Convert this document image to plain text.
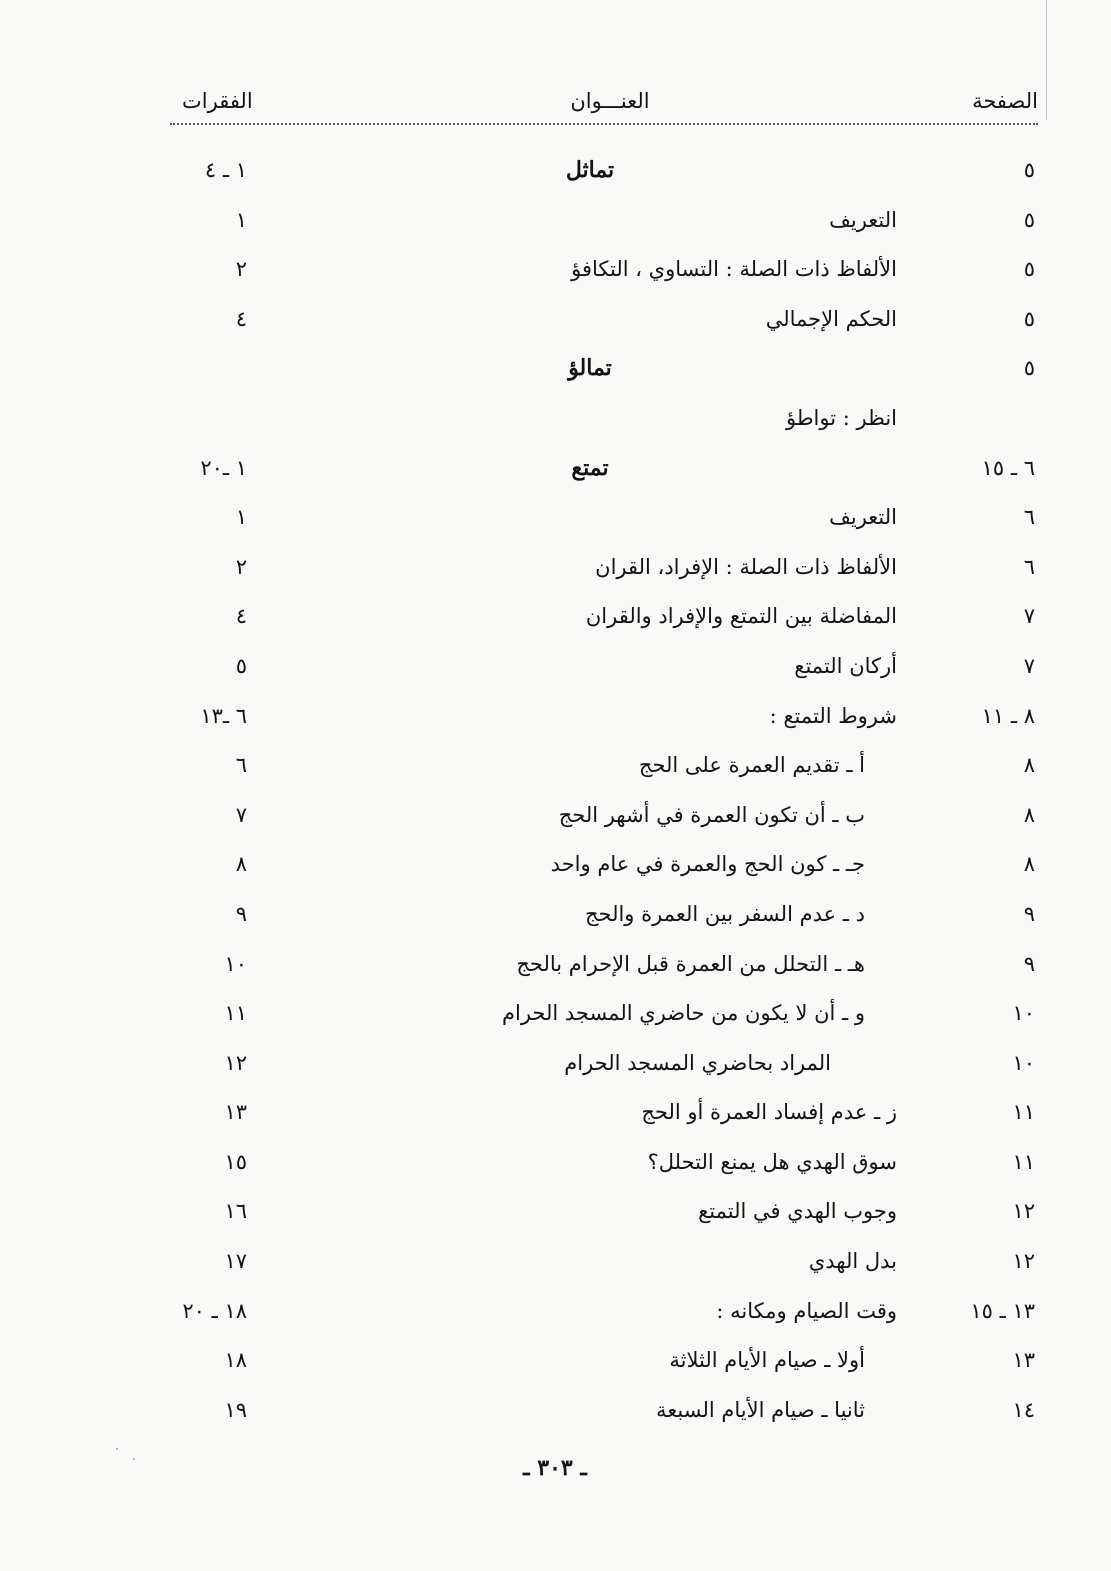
الصفحة
العنـــوان
الفقرات
٥
تماثل
١ ـ ٤
٥
التعريف
١
٥
الألفاظ ذات الصلة : التساوي ، التكافؤ
٢
٥
الحكم الإجمالي
٤
٥
تمالؤ
انظر : تواطؤ
٦ ـ ١٥
تمتع
١ ـ٢٠
٦
التعريف
١
٦
الألفاظ ذات الصلة : الإفراد، القران
٢
٧
المفاضلة بين التمتع والإفراد والقران
٤
٧
أركان التمتع
٥
٨ ـ ١١
شروط التمتع :
٦ ـ١٣
٨
أ ـ تقديم العمرة على الحج
٦
٨
ب ـ أن تكون العمرة في أشهر الحج
٧
٨
جـ ـ كون الحج والعمرة في عام واحد
٨
٩
د ـ عدم السفر بين العمرة والحج
٩
٩
هـ ـ التحلل من العمرة قبل الإحرام بالحج
١٠
١٠
و ـ أن لا يكون من حاضري المسجد الحرام
١١
١٠
المراد بحاضري المسجد الحرام
١٢
١١
ز ـ عدم إفساد العمرة أو الحج
١٣
١١
سوق الهدي هل يمنع التحلل؟
١٥
١٢
وجوب الهدي في التمتع
١٦
١٢
بدل الهدي
١٧
١٣ ـ ١٥
وقت الصيام ومكانه :
١٨ ـ ٢٠
١٣
أولا ـ صيام الأيام الثلاثة
١٨
١٤
ثانيا ـ صيام الأيام السبعة
١٩
ـ ٣٠٣ ـ
